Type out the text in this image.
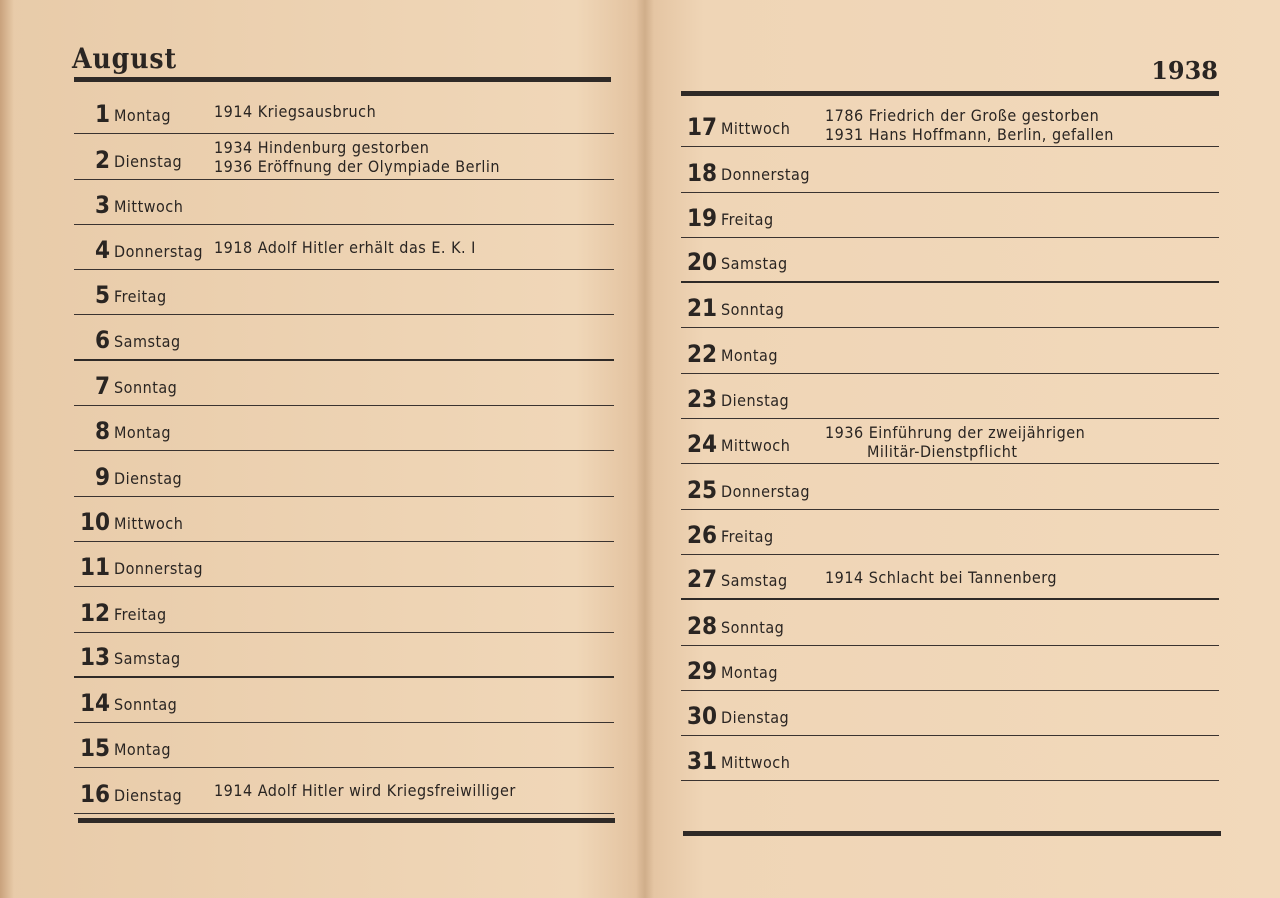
August	1938
1 Montag	1914 Kriegsausbruch
2 Dienstag
1934 Hindenburg gestorben
1936 Eröffnung der Olympiade Berlin
3 Mittwoch
4 Donnerstag 1918 Adolf Hitler erhält das E. K. I
5 Freitag
6 Samstag
7 Sonntag
8 Montag
9 Dienstag
10 Mittwoch
11 Donnerstag
12 Freitag
13 Samstag
14 Sonntag
15 Montag
16 Dienstag 1914 Adolf Hitler wird Kriegsfreiwilliger
17 Mittwoch
1786 Friedrich der Große gestorben
1931 Hans Hoffmann, Berlin, gefallen
18 Donnerstag
19 Freitag
20 Samstag
21 Sonntag
22 Montag
23 Dienstag
24 Mittwoch
1936 Einführung der zweijährigen
Militär-Dienstpflicht
25 Donnerstag
26 Freitag
27 Samstag 1914 Schlacht bei Tannenberg
28 Sonntag
29 Montag
30 Dienstag
31 Mittwoch
